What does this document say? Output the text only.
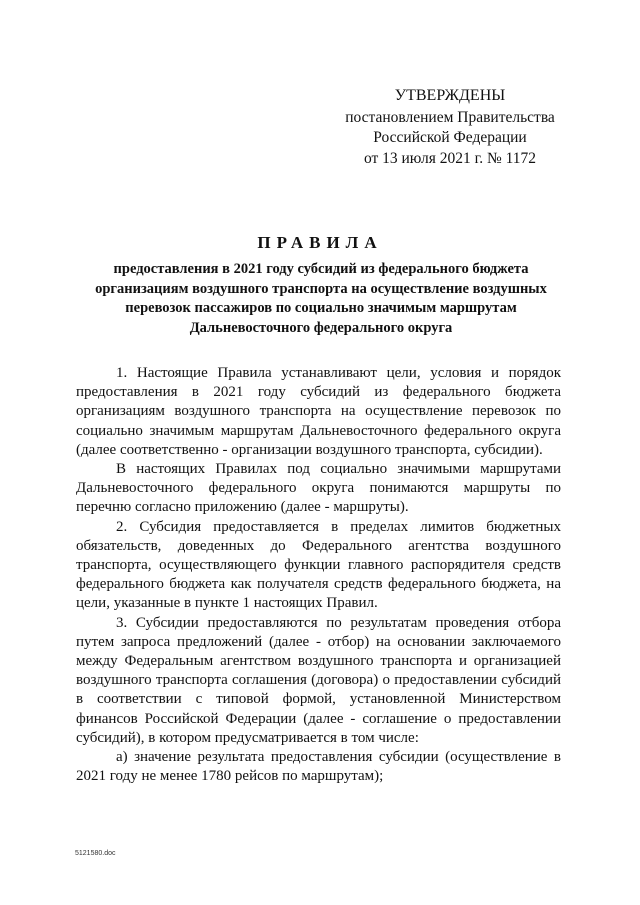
УТВЕРЖДЕНЫ
постановлением Правительства
Российской Федерации
от 13 июля 2021 г. № 1172
ПРАВИЛА
предоставления в 2021 году субсидий из федерального бюджета
организациям воздушного транспорта на осуществление воздушных
перевозок пассажиров по социально значимым маршрутам
Дальневосточного федерального округа

1. Настоящие Правила устанавливают цели, условия и порядок предоставления в 2021 году субсидий из федерального бюджета организациям воздушного транспорта на осуществление перевозок по социально значимым маршрутам Дальневосточного федерального округа (далее соответственно - организации воздушного транспорта, субсидии).

В настоящих Правилах под социально значимыми маршрутами Дальневосточного федерального округа понимаются маршруты по перечню согласно приложению (далее - маршруты).

2. Субсидия предоставляется в пределах лимитов бюджетных обязательств, доведенных до Федерального агентства воздушного транспорта, осуществляющего функции главного распорядителя средств федерального бюджета как получателя средств федерального бюджета, на цели, указанные в пункте 1 настоящих Правил.

3. Субсидии предоставляются по результатам проведения отбора путем запроса предложений (далее - отбор) на основании заключаемого между Федеральным агентством воздушного транспорта и организацией воздушного транспорта соглашения (договора) о предоставлении субсидий в соответствии с типовой формой, установленной Министерством финансов Российской Федерации (далее - соглашение о предоставлении субсидий), в котором предусматривается в том числе:

а) значение результата предоставления субсидии (осуществление в 2021 году не менее 1780 рейсов по маршрутам);

5121580.doc
